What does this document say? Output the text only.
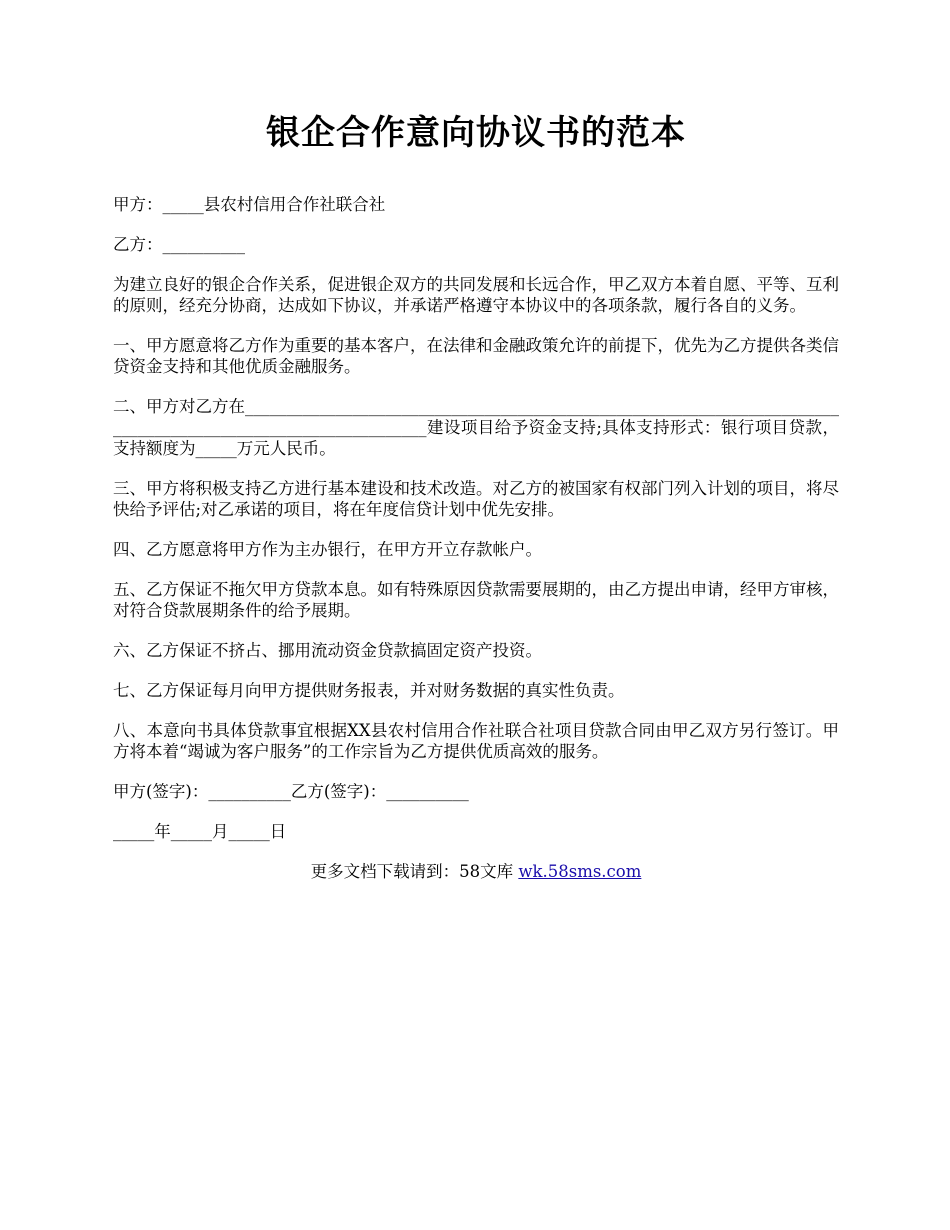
银企合作意向协议书的范本

甲方：_____县农村信用合作社联合社

乙方：__________

为建立良好的银企合作关系，促进银企双方的共同发展和长远合作，甲乙双方本着自愿、平等、互利的原则，经充分协商，达成如下协议，并承诺严格遵守本协议中的各项条款，履行各自的义务。

一、甲方愿意将乙方作为重要的基本客户，在法律和金融政策允许的前提下，优先为乙方提供各类信贷资金支持和其他优质金融服务。

二、甲方对乙方在______________________________________________________________________________________________________________建设项目给予资金支持;具体支持形式：银行项目贷款，支持额度为_____万元人民币。

三、甲方将积极支持乙方进行基本建设和技术改造。对乙方的被国家有权部门列入计划的项目，将尽快给予评估;对乙承诺的项目，将在年度信贷计划中优先安排。

四、乙方愿意将甲方作为主办银行，在甲方开立存款帐户。

五、乙方保证不拖欠甲方贷款本息。如有特殊原因贷款需要展期的，由乙方提出申请，经甲方审核，对符合贷款展期条件的给予展期。

六、乙方保证不挤占、挪用流动资金贷款搞固定资产投资。

七、乙方保证每月向甲方提供财务报表，并对财务数据的真实性负责。

八、本意向书具体贷款事宜根据XX县农村信用合作社联合社项目贷款合同由甲乙双方另行签订。甲方将本着“竭诚为客户服务”的工作宗旨为乙方提供优质高效的服务。

甲方(签字)：__________乙方(签字)：__________

_____年_____月_____日

更多文档下载请到：58文库 wk.58sms.com
